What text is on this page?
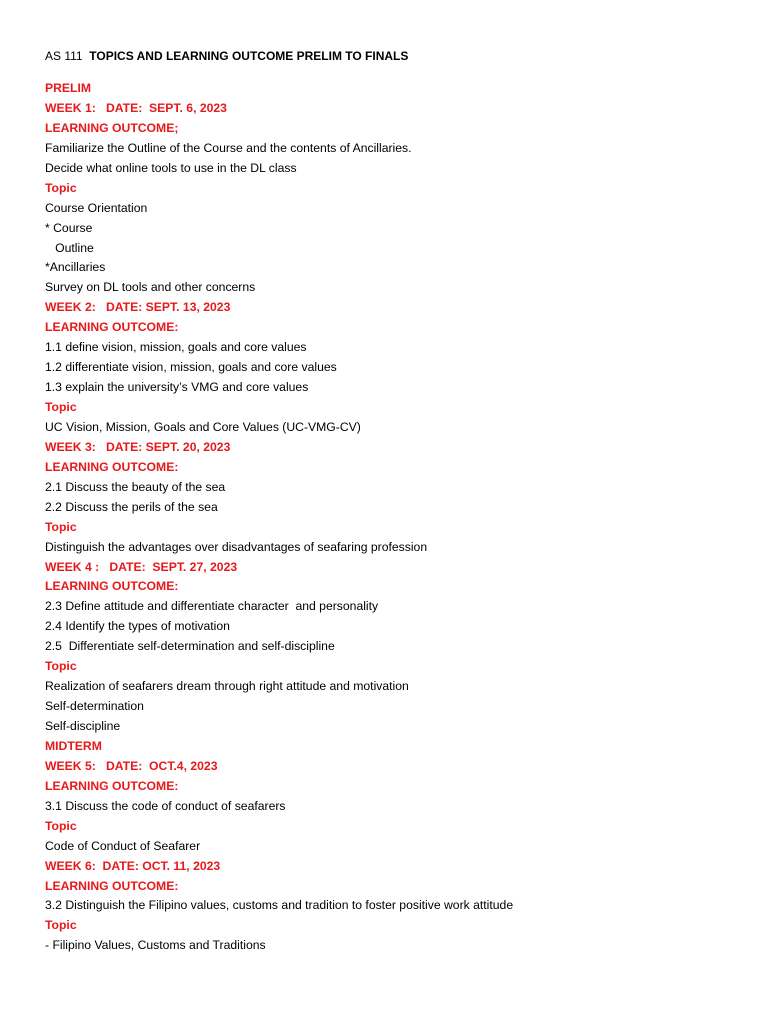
AS 111 TOPICS AND LEARNING OUTCOME PRELIM TO FINALS
PRELIM
WEEK 1:   DATE:  SEPT. 6, 2023
LEARNING OUTCOME;
Familiarize the Outline of the Course and the contents of Ancillaries.
Decide what online tools to use in the DL class
Topic
Course Orientation
* Course
Outline
*Ancillaries
Survey on DL tools and other concerns
WEEK 2:   DATE: SEPT. 13, 2023
LEARNING OUTCOME:
1.1 define vision, mission, goals and core values
1.2 differentiate vision, mission, goals and core values
1.3 explain the university’s VMG and core values
Topic
UC Vision, Mission, Goals and Core Values (UC-VMG-CV)
WEEK 3:   DATE: SEPT. 20, 2023
LEARNING OUTCOME:
2.1 Discuss the beauty of the sea
2.2 Discuss the perils of the sea
Topic
Distinguish the advantages over disadvantages of seafaring profession
WEEK 4 :   DATE:  SEPT. 27, 2023
LEARNING OUTCOME:
2.3 Define attitude and differentiate character  and personality
2.4 Identify the types of motivation
2.5  Differentiate self-determination and self-discipline
Topic
Realization of seafarers dream through right attitude and motivation
Self-determination
Self-discipline
MIDTERM
WEEK 5:   DATE:  OCT.4, 2023
LEARNING OUTCOME:
3.1 Discuss the code of conduct of seafarers
Topic
Code of Conduct of Seafarer
WEEK 6:  DATE: OCT. 11, 2023
LEARNING OUTCOME:
3.2 Distinguish the Filipino values, customs and tradition to foster positive work attitude
Topic
- Filipino Values, Customs and Traditions
